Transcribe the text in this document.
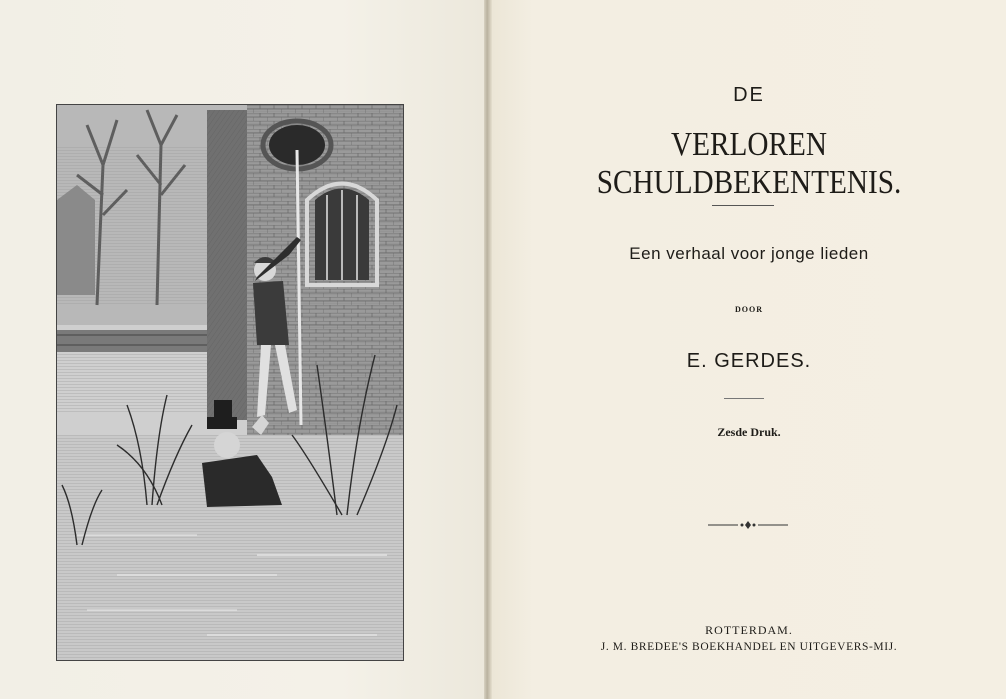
DE
VERLOREN SCHULDBEKENTENIS.
Een verhaal voor jonge lieden
DOOR
E. GERDES.
Zesde Druk.
ROTTERDAM.
J. M. BREDEE'S BOEKHANDEL EN UITGEVERS-MIJ.
